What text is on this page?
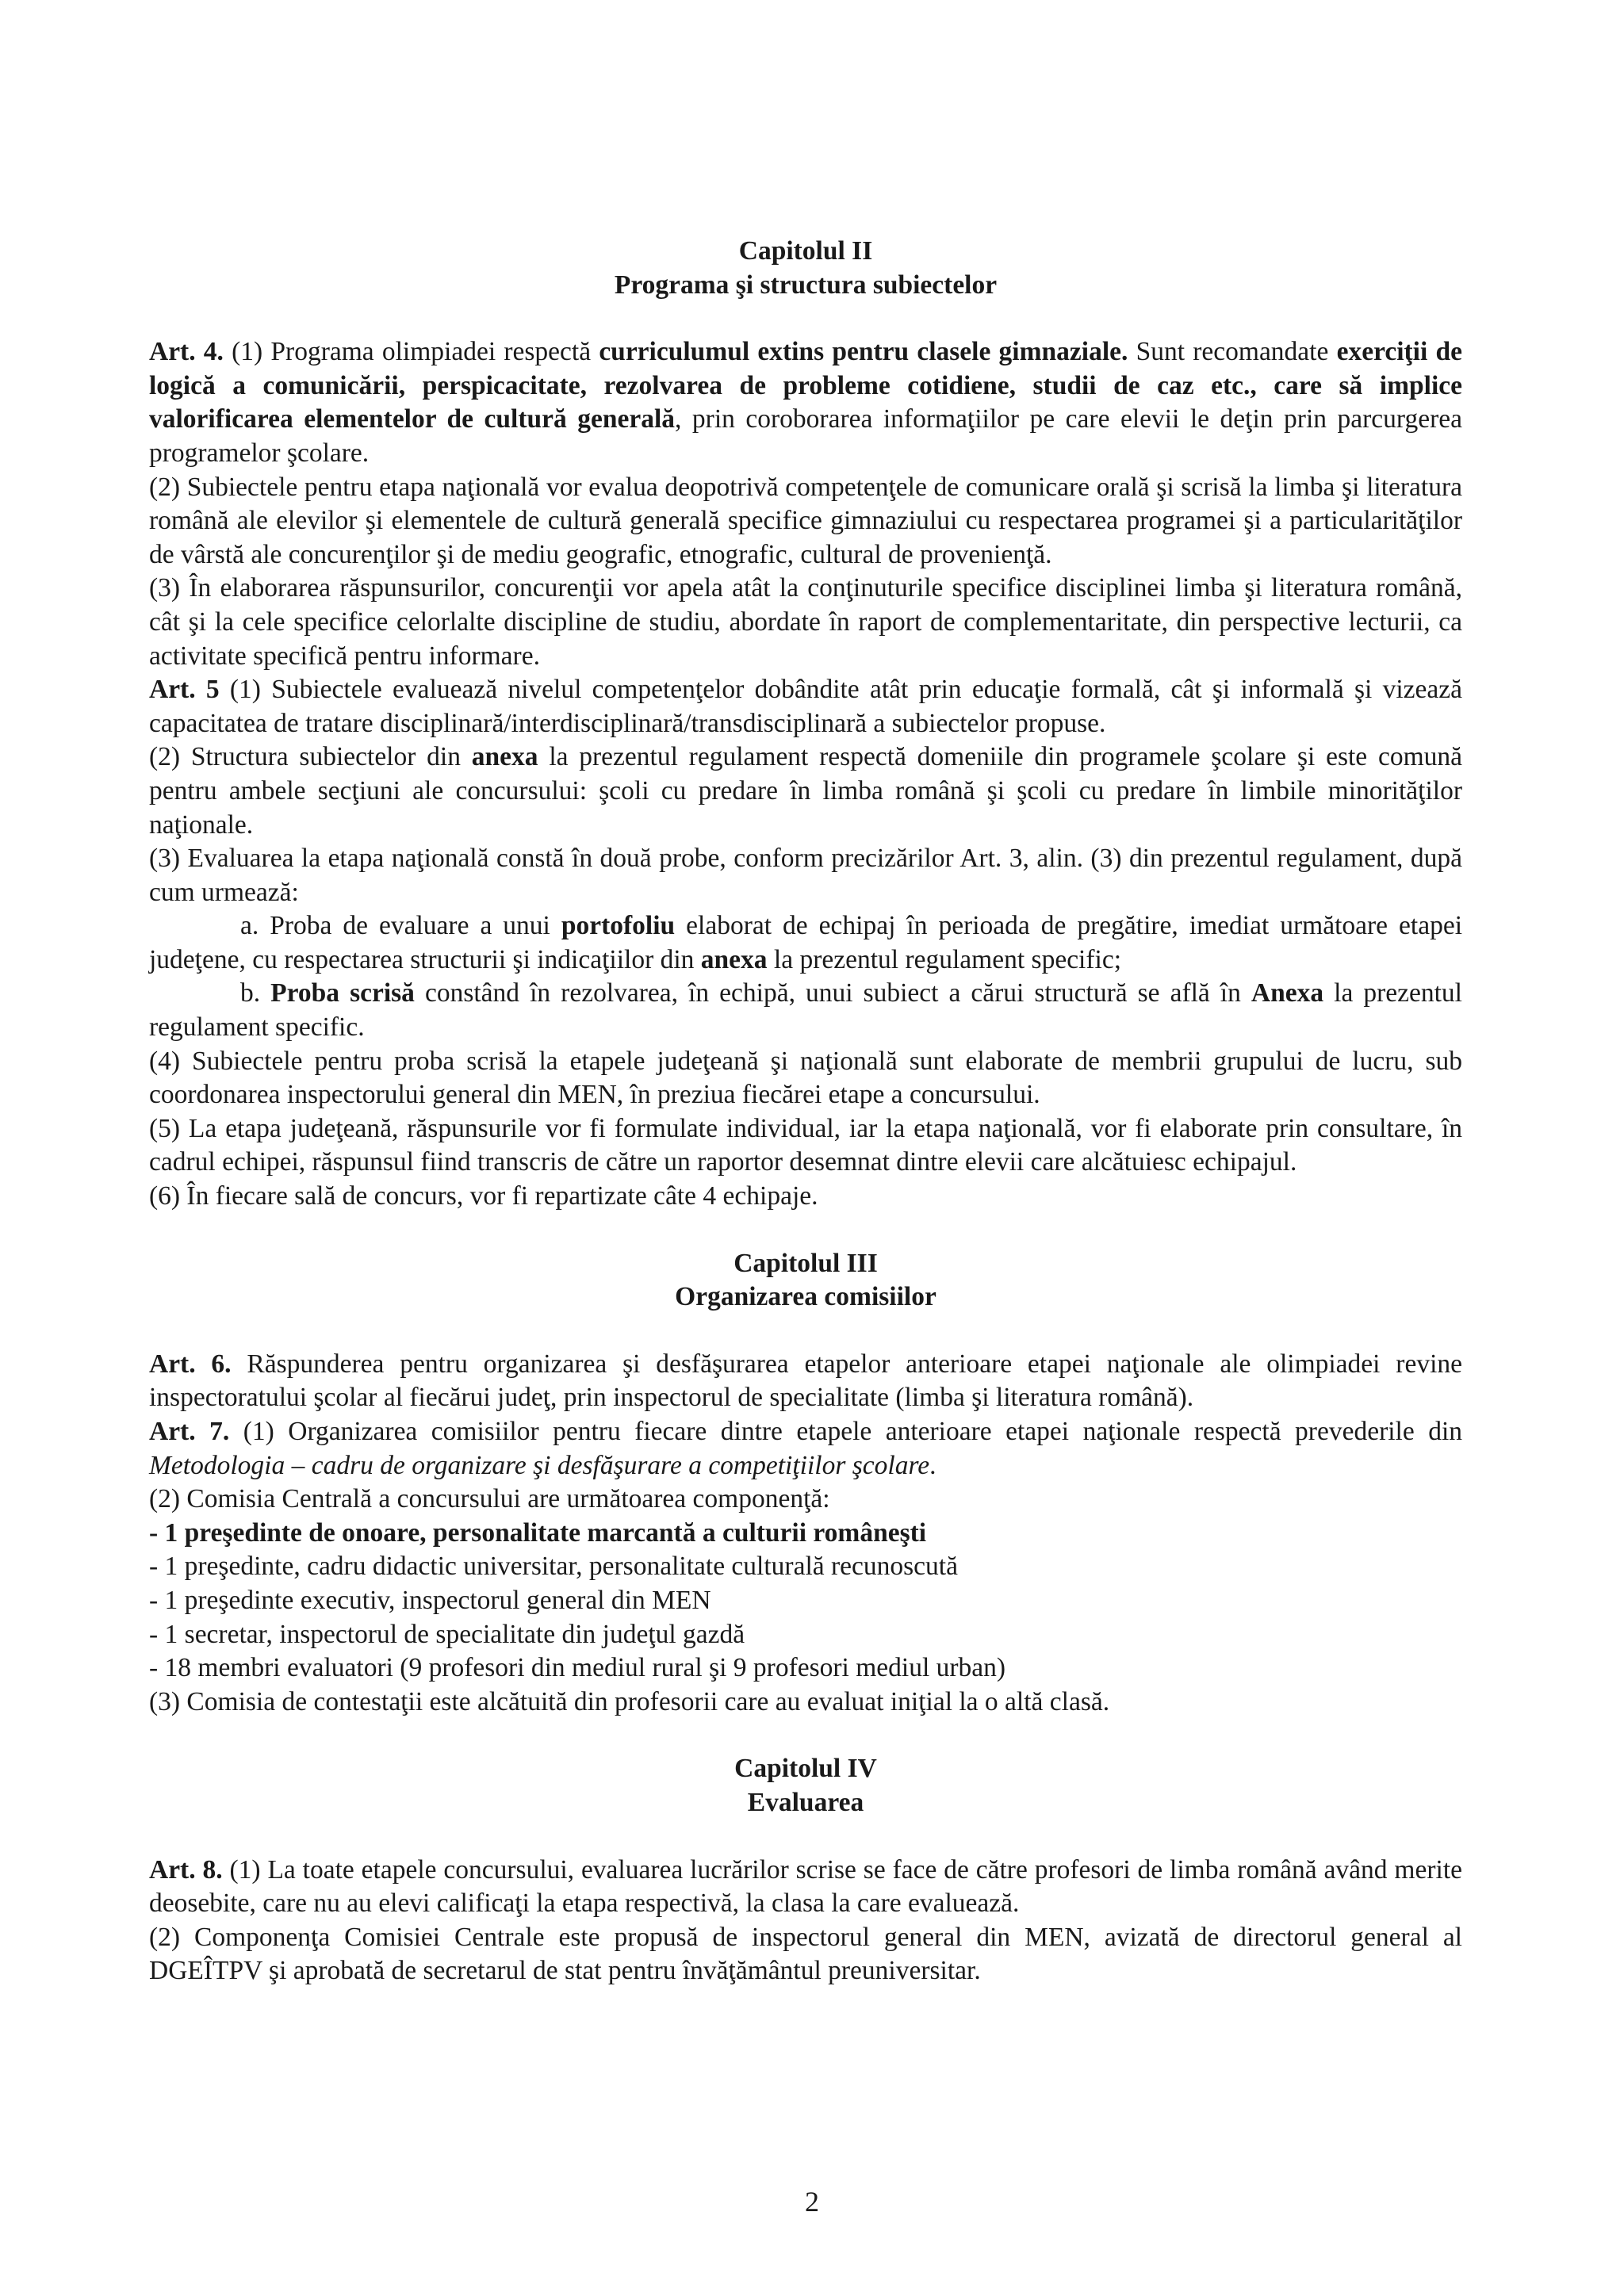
Capitolul II
Programa şi structura subiectelor
Art. 4. (1) Programa olimpiadei respectă curriculumul extins pentru clasele gimnaziale. Sunt recomandate exerciţii de logică a comunicării, perspicacitate, rezolvarea de probleme cotidiene, studii de caz etc., care să implice valorificarea elementelor de cultură generală, prin coroborarea informaţiilor pe care elevii le deţin prin parcurgerea programelor şcolare.
(2) Subiectele pentru etapa naţională vor evalua deopotrivă competenţele de comunicare orală şi scrisă la limba şi literatura română ale elevilor şi elementele de cultură generală specifice gimnaziului cu respectarea programei şi a particularităţilor de vârstă ale concurenţilor şi de mediu geografic, etnografic, cultural de provenienţă.
(3) În elaborarea răspunsurilor, concurenţii vor apela atât la conţinuturile specifice disciplinei limba şi literatura română, cât şi la cele specifice celorlalte discipline de studiu, abordate în raport de complementaritate, din perspective lecturii, ca activitate specifică pentru informare.
Art. 5 (1) Subiectele evaluează nivelul competenţelor dobândite atât prin educaţie formală, cât şi informală şi vizează capacitatea de tratare disciplinară/interdisciplinară/transdisciplinară a subiectelor propuse.
(2) Structura subiectelor din anexa la prezentul regulament respectă domeniile din programele şcolare şi este comună pentru ambele secţiuni ale concursului: şcoli cu predare în limba română şi şcoli cu predare în limbile minorităţilor naţionale.
(3) Evaluarea la etapa naţională constă în două probe, conform precizărilor Art. 3, alin. (3) din prezentul regulament, după cum urmează:
a. Proba de evaluare a unui portofoliu elaborat de echipaj în perioada de pregătire, imediat următoare etapei judeţene, cu respectarea structurii şi indicaţiilor din anexa la prezentul regulament specific;
b. Proba scrisă constând în rezolvarea, în echipă, unui subiect a cărui structură se află în Anexa la prezentul regulament specific.
(4) Subiectele pentru proba scrisă la etapele judeţeană şi naţională sunt elaborate de membrii grupului de lucru, sub coordonarea inspectorului general din MEN, în preziua fiecărei etape a concursului.
(5) La etapa judeţeană, răspunsurile vor fi formulate individual, iar la etapa naţională, vor fi elaborate prin consultare, în cadrul echipei, răspunsul fiind transcris de către un raportor desemnat dintre elevii care alcătuiesc echipajul.
(6) În fiecare sală de concurs, vor fi repartizate câte 4 echipaje.
Capitolul III
Organizarea comisiilor
Art. 6. Răspunderea pentru organizarea şi desfăşurarea etapelor anterioare etapei naţionale ale olimpiadei revine inspectoratului şcolar al fiecărui judeţ, prin inspectorul de specialitate (limba şi literatura română).
Art. 7. (1) Organizarea comisiilor pentru fiecare dintre etapele anterioare etapei naţionale respectă prevederile din Metodologia – cadru de organizare şi desfăşurare a competiţiilor şcolare.
(2) Comisia Centrală a concursului are următoarea componenţă:
- 1 preşedinte de onoare, personalitate marcantă a culturii româneşti
- 1 preşedinte, cadru didactic universitar, personalitate culturală recunoscută
- 1 preşedinte executiv, inspectorul general din MEN
- 1 secretar, inspectorul de specialitate din judeţul gazdă
- 18 membri evaluatori (9 profesori din mediul rural şi 9 profesori mediul urban)
(3) Comisia de contestaţii este alcătuită din profesorii care au evaluat iniţial la o altă clasă.
Capitolul IV
Evaluarea
Art. 8. (1) La toate etapele concursului, evaluarea lucrărilor scrise se face de către profesori de limba română având merite deosebite, care nu au elevi calificaţi la etapa respectivă, la clasa la care evaluează.
(2) Componenţa Comisiei Centrale este propusă de inspectorul general din MEN, avizată de directorul general al DGEÎTPV şi aprobată de secretarul de stat pentru învăţământul preuniversitar.
2
